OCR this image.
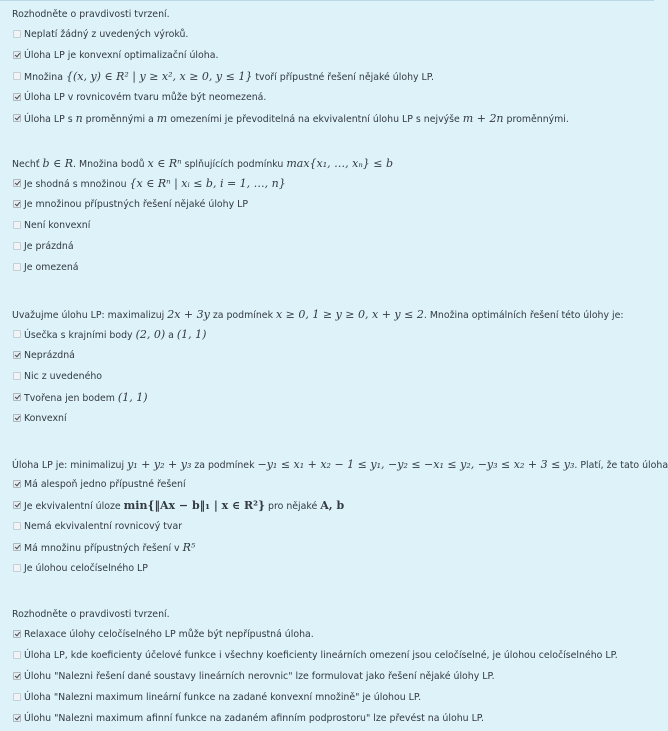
Rozhodněte o pravdivosti tvrzení.
Neplatí žádný z uvedených výroků.
Úloha LP je konvexní optimalizační úloha.
Množina {(x, y) ∈ R² | y ≥ x², x ≥ 0, y ≤ 1} tvoří přípustné řešení nějaké úlohy LP.
Úloha LP v rovnicovém tvaru může být neomezená.
Úloha LP s n proměnnými a m omezeními je převoditelná na ekvivalentní úlohu LP s nejvýše m + 2n proměnnými.
Nechť b ∈ R. Množina bodů x ∈ Rⁿ splňujících podmínku max{x₁, …, xₙ} ≤ b
Je shodná s množinou {x ∈ Rⁿ | xᵢ ≤ b, i = 1, …, n}
Je množinou přípustných řešení nějaké úlohy LP
Není konvexní
Je prázdná
Je omezená
Uvažujme úlohu LP: maximalizuj 2x + 3y za podmínek x ≥ 0, 1 ≥ y ≥ 0, x + y ≤ 2. Množina optimálních řešení této úlohy je:
Úsečka s krajními body (2, 0) a (1, 1)
Neprázdná
Nic z uvedeného
Tvořena jen bodem (1, 1)
Konvexní
Úloha LP je: minimalizuj y₁ + y₂ + y₃ za podmínek −y₁ ≤ x₁ + x₂ − 1 ≤ y₁, −y₂ ≤ −x₁ ≤ y₂, −y₃ ≤ x₂ + 3 ≤ y₃. Platí, že tato úloha
Má alespoň jedno přípustné řešení
Je ekvivalentní úloze min{‖Ax − b‖₁ | x ∈ R²} pro nějaké A, b
Nemá ekvivalentní rovnicový tvar
Má množinu přípustných řešení v R⁵
Je úlohou celočíselného LP
Rozhodněte o pravdivosti tvrzení.
Relaxace úlohy celočíselného LP může být nepřípustná úloha.
Úloha LP, kde koeficienty účelové funkce i všechny koeficienty lineárních omezení jsou celočíselné, je úlohou celočíselného LP.
Úlohu "Nalezni řešení dané soustavy lineárních nerovnic" lze formulovat jako řešení nějaké úlohy LP.
Úloha "Nalezni maximum lineární funkce na zadané konvexní množině" je úlohou LP.
Úlohu "Nalezni maximum afinní funkce na zadaném afinním podprostoru" lze převést na úlohu LP.
